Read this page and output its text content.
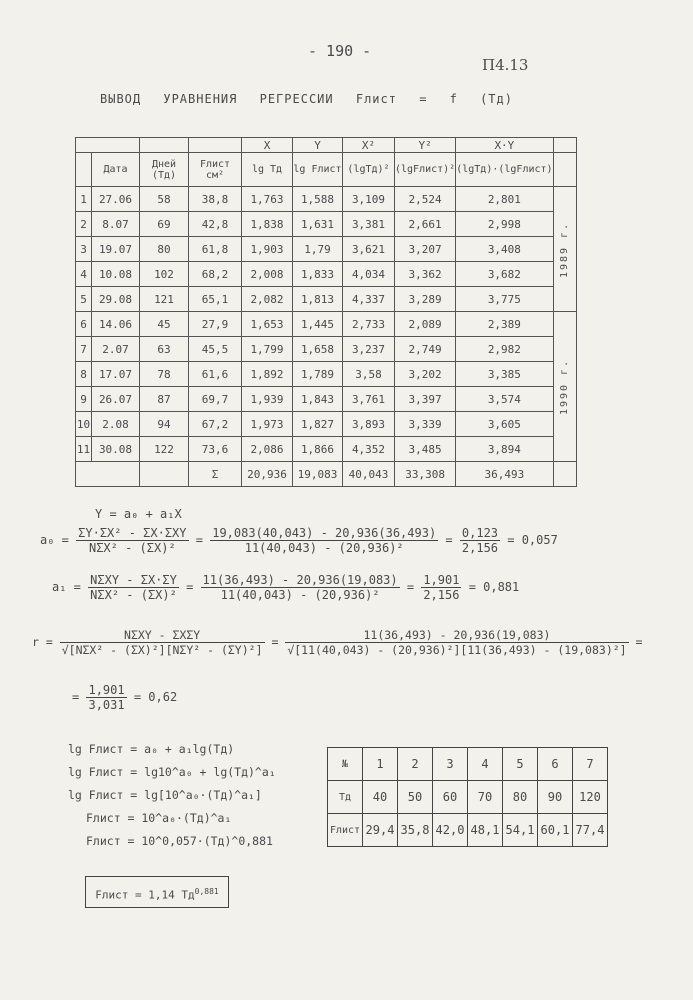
- 190 -
П4.13
ВЫВОД УРАВНЕНИЯ РЕГРЕССИИ Fлист = f (Tд)
				X	Y	X²	Y²	X·Y	
	Дата	Дней (Tд)	Fлист см²	lg Tд	lg Fлист	(lgTд)²	(lgFлист)²	(lgTд)·(lgFлист)	
1	27.06	58	38,8	1,763	1,588	3,109	2,524	2,801	1989 г.
2	8.07	69	42,8	1,838	1,631	3,381	2,661	2,998	
3	19.07	80	61,8	1,903	1,79	3,621	3,207	3,408	
4	10.08	102	68,2	2,008	1,833	4,034	3,362	3,682	
5	29.08	121	65,1	2,082	1,813	4,337	3,289	3,775	
6	14.06	45	27,9	1,653	1,445	2,733	2,089	2,389	1990 г.
7	2.07	63	45,5	1,799	1,658	3,237	2,749	2,982	
8	17.07	78	61,6	1,892	1,789	3,58	3,202	3,385	
9	26.07	87	69,7	1,939	1,843	3,761	3,397	3,574	
10	2.08	94	67,2	1,973	1,827	3,893	3,339	3,605	
11	30.08	122	73,6	2,086	1,866	4,352	3,485	3,894	
			Σ	20,936	19,083	40,043	33,308	36,493	
Y = a₀ + a₁X
$a_0 = \frac{\text{ΣY·ΣX² - ΣX·ΣXY}}{\text{NΣX² - (ΣX)²}} = \frac{19,083(40,043) - 20,936(36,493)}{\text{11(40,043) - (20,936)²}} = \frac{0,123}{2,156} = 0,057$
$a_1 = \frac{\text{NΣXY - ΣX·ΣY}}{\text{NΣX² - (ΣX)²}} = \frac{11(36,493) - 20,936(19,083)}{\text{11(40,043) - (20,936)²}} = \frac{1,901}{2,156} = 0,881$
$r = \frac{\text{NΣXY - ΣXΣY}}{\text{√[NΣX² - (ΣX)²][NΣY² - (ΣY)²]}} = \frac{11(36,493) - 20,936(19,083)}{\text{√[11(40,043) - (20,936)²][11(36,493) - (19,083)²]}}$ =
= $\frac{1,901}{3,031} = 0,62$
lg Fлист = a₀ + a₁lg(Tд)
lg Fлист = lg10^a₀ + lg(Tд)^a₁
lg Fлист = lg[10^a₀·(Tд)^a₁]
Fлист = 10^a₀·(Tд)^a₁
Fлист = 10^0,057·(Tд)^0,881
Fлист = 1,14 Tд$^{0,881}$
№	1	2	3	4	5	6	7
Tд	40	50	60	70	80	90	120
Fлист	29,4	35,8	42,0	48,1	54,1	60,1	77,4
